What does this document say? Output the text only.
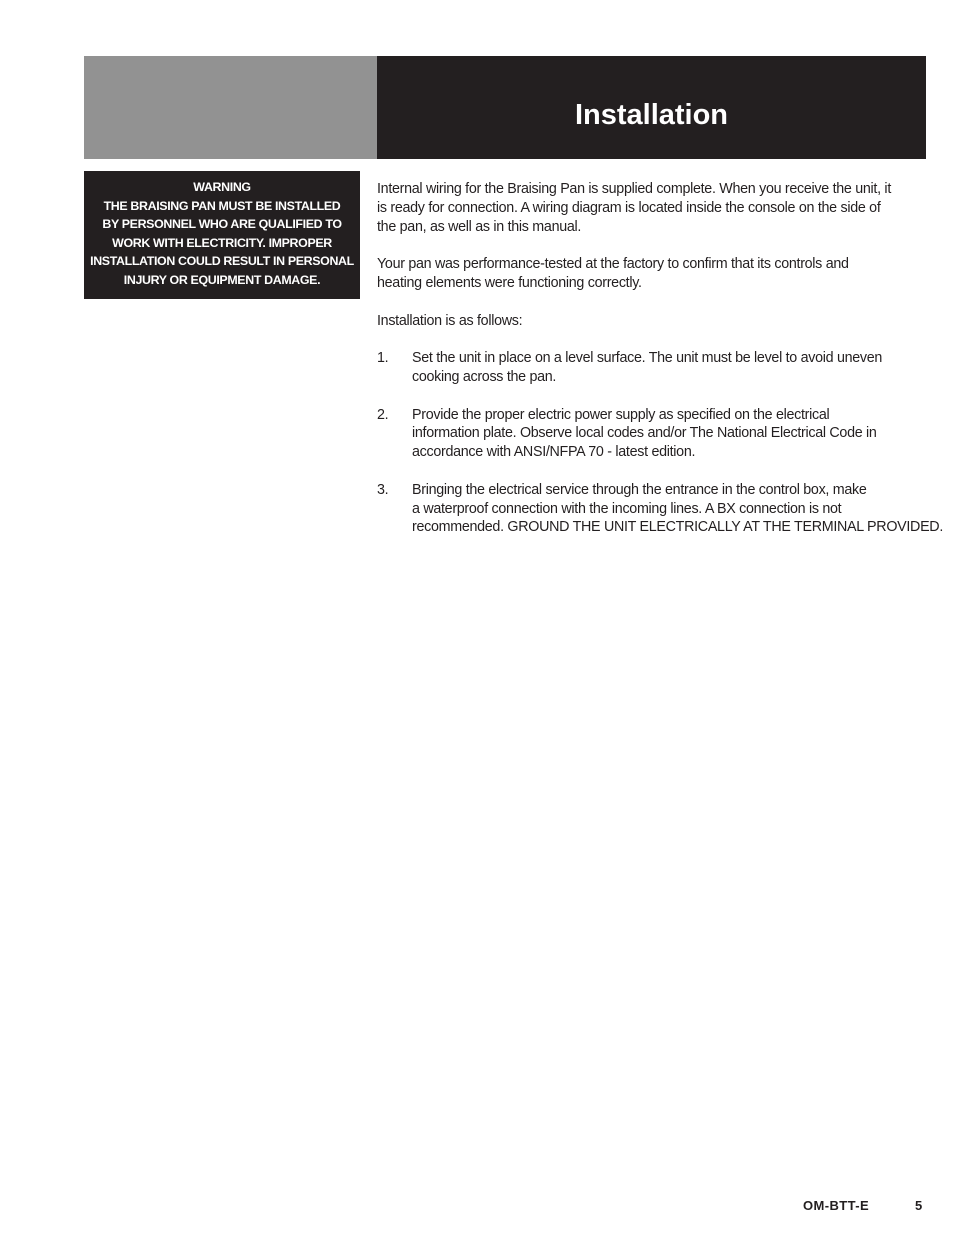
Installation
WARNING
THE BRAISING PAN MUST BE INSTALLED
BY PERSONNEL WHO ARE QUALIFIED TO
WORK WITH ELECTRICITY. IMPROPER
INSTALLATION COULD RESULT IN PERSONAL
INJURY OR EQUIPMENT DAMAGE.

Internal wiring for the Braising Pan is supplied complete. When you receive the unit, it
is ready for connection. A wiring diagram is located inside the console on the side of
the pan, as well as in this manual.

Your pan was performance-tested at the factory to confirm that its controls and
heating elements were functioning correctly.

Installation is as follows:

1.	Set the unit in place on a level surface. The unit must be level to avoid uneven
cooking across the pan.
2.	Provide the proper electric power supply as specified on the electrical
information plate. Observe local codes and/or The National Electrical Code in
accordance with ANSI/NFPA 70 - latest edition.
3.	Bringing the electrical service through the entrance in the control box, make
a waterproof connection with the incoming lines. A BX connection is not
recommended. GROUND THE UNIT ELECTRICALLY AT THE TERMINAL PROVIDED.
OM-BTT-E	5
